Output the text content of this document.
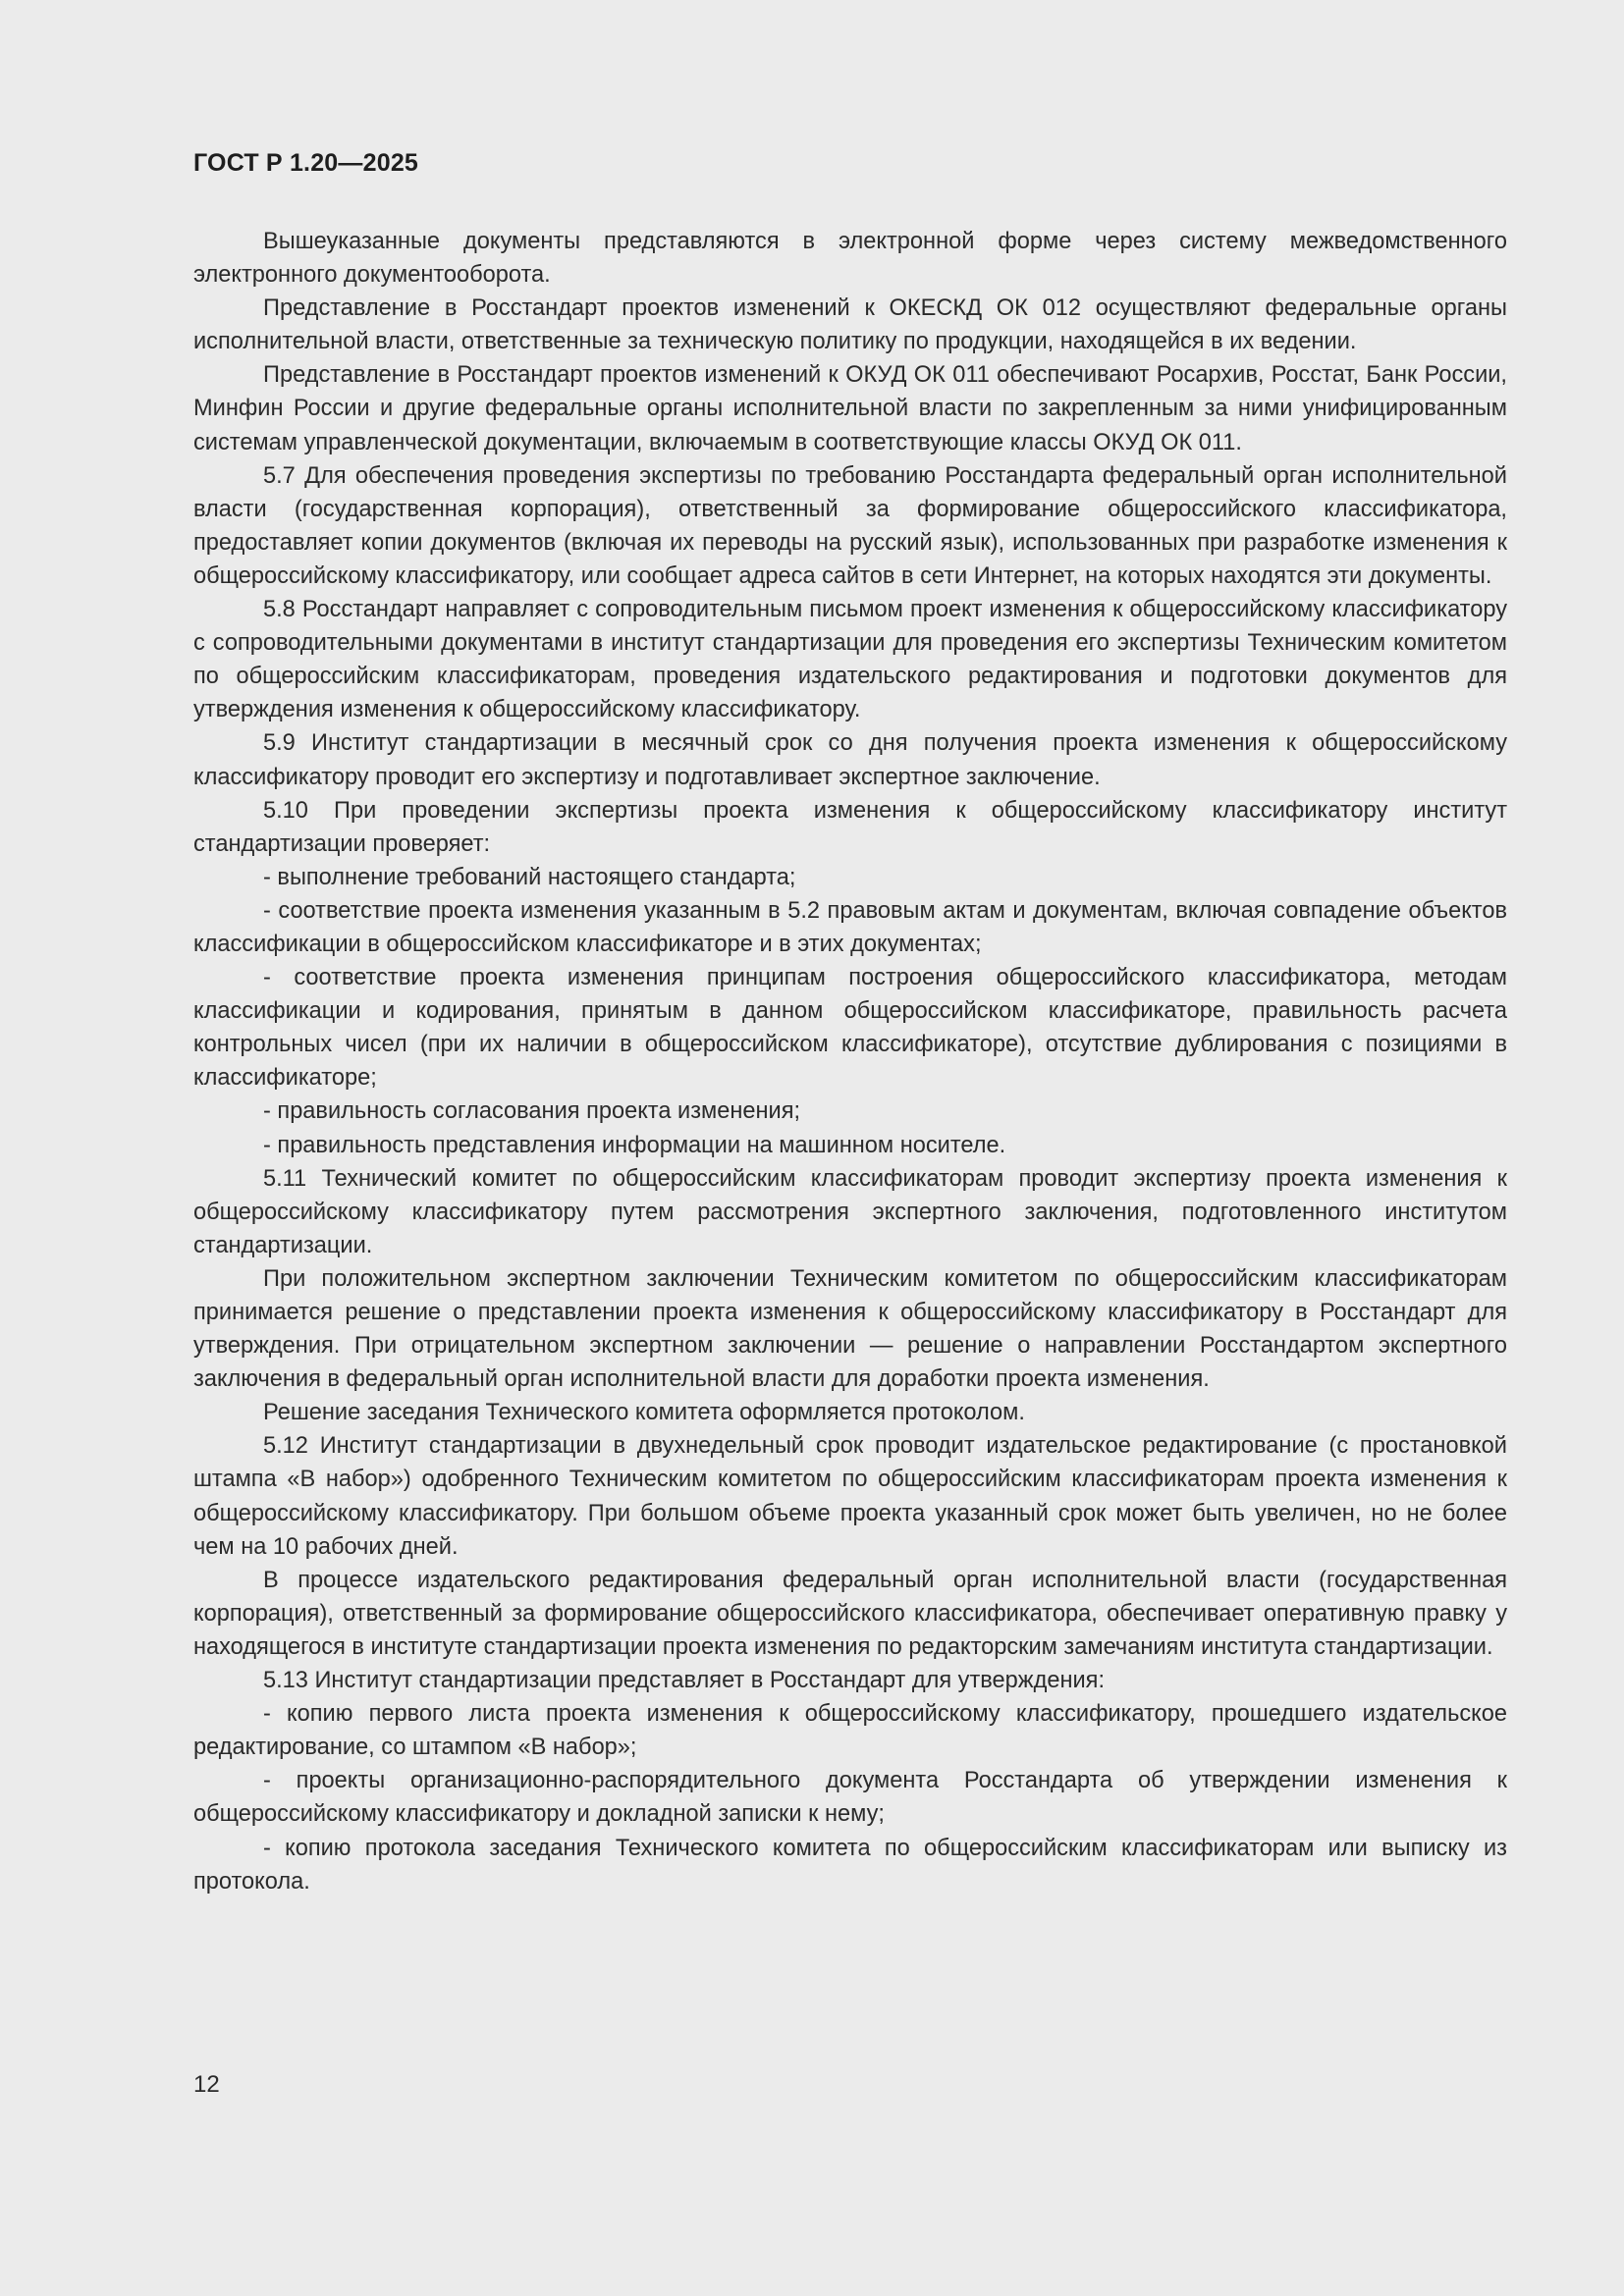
ГОСТ Р 1.20—2025

Вышеуказанные документы представляются в электронной форме через систему межведомственного электронного документооборота.

Представление в Росстандарт проектов изменений к ОКЕСКД ОК 012 осуществляют федеральные органы исполнительной власти, ответственные за техническую политику по продукции, находящейся в их ведении.

Представление в Росстандарт проектов изменений к ОКУД ОК 011 обеспечивают Росархив, Росстат, Банк России, Минфин России и другие федеральные органы исполнительной власти по закрепленным за ними унифицированным системам управленческой документации, включаемым в соответствующие классы ОКУД ОК 011.

5.7 Для обеспечения проведения экспертизы по требованию Росстандарта федеральный орган исполнительной власти (государственная корпорация), ответственный за формирование общероссийского классификатора, предоставляет копии документов (включая их переводы на русский язык), использованных при разработке изменения к общероссийскому классификатору, или сообщает адреса сайтов в сети Интернет, на которых находятся эти документы.

5.8 Росстандарт направляет с сопроводительным письмом проект изменения к общероссийскому классификатору с сопроводительными документами в институт стандартизации для проведения его экспертизы Техническим комитетом по общероссийским классификаторам, проведения издательского редактирования и подготовки документов для утверждения изменения к общероссийскому классификатору.

5.9 Институт стандартизации в месячный срок со дня получения проекта изменения к общероссийскому классификатору проводит его экспертизу и подготавливает экспертное заключение.

5.10 При проведении экспертизы проекта изменения к общероссийскому классификатору институт стандартизации проверяет:

- выполнение требований настоящего стандарта;

- соответствие проекта изменения указанным в 5.2 правовым актам и документам, включая совпадение объектов классификации в общероссийском классификаторе и в этих документах;

- соответствие проекта изменения принципам построения общероссийского классификатора, методам классификации и кодирования, принятым в данном общероссийском классификаторе, правильность расчета контрольных чисел (при их наличии в общероссийском классификаторе), отсутствие дублирования с позициями в классификаторе;

- правильность согласования проекта изменения;

- правильность представления информации на машинном носителе.

5.11 Технический комитет по общероссийским классификаторам проводит экспертизу проекта изменения к общероссийскому классификатору путем рассмотрения экспертного заключения, подготовленного институтом стандартизации.

При положительном экспертном заключении Техническим комитетом по общероссийским классификаторам принимается решение о представлении проекта изменения к общероссийскому классификатору в Росстандарт для утверждения. При отрицательном экспертном заключении — решение о направлении Росстандартом экспертного заключения в федеральный орган исполнительной власти для доработки проекта изменения.

Решение заседания Технического комитета оформляется протоколом.

5.12 Институт стандартизации в двухнедельный срок проводит издательское редактирование (с простановкой штампа «В набор») одобренного Техническим комитетом по общероссийским классификаторам проекта изменения к общероссийскому классификатору. При большом объеме проекта указанный срок может быть увеличен, но не более чем на 10 рабочих дней.

В процессе издательского редактирования федеральный орган исполнительной власти (государственная корпорация), ответственный за формирование общероссийского классификатора, обеспечивает оперативную правку у находящегося в институте стандартизации проекта изменения по редакторским замечаниям института стандартизации.

5.13 Институт стандартизации представляет в Росстандарт для утверждения:

- копию первого листа проекта изменения к общероссийскому классификатору, прошедшего издательское редактирование, со штампом «В набор»;

- проекты организационно-распорядительного документа Росстандарта об утверждении изменения к общероссийскому классификатору и докладной записки к нему;

- копию протокола заседания Технического комитета по общероссийским классификаторам или выписку из протокола.

12
